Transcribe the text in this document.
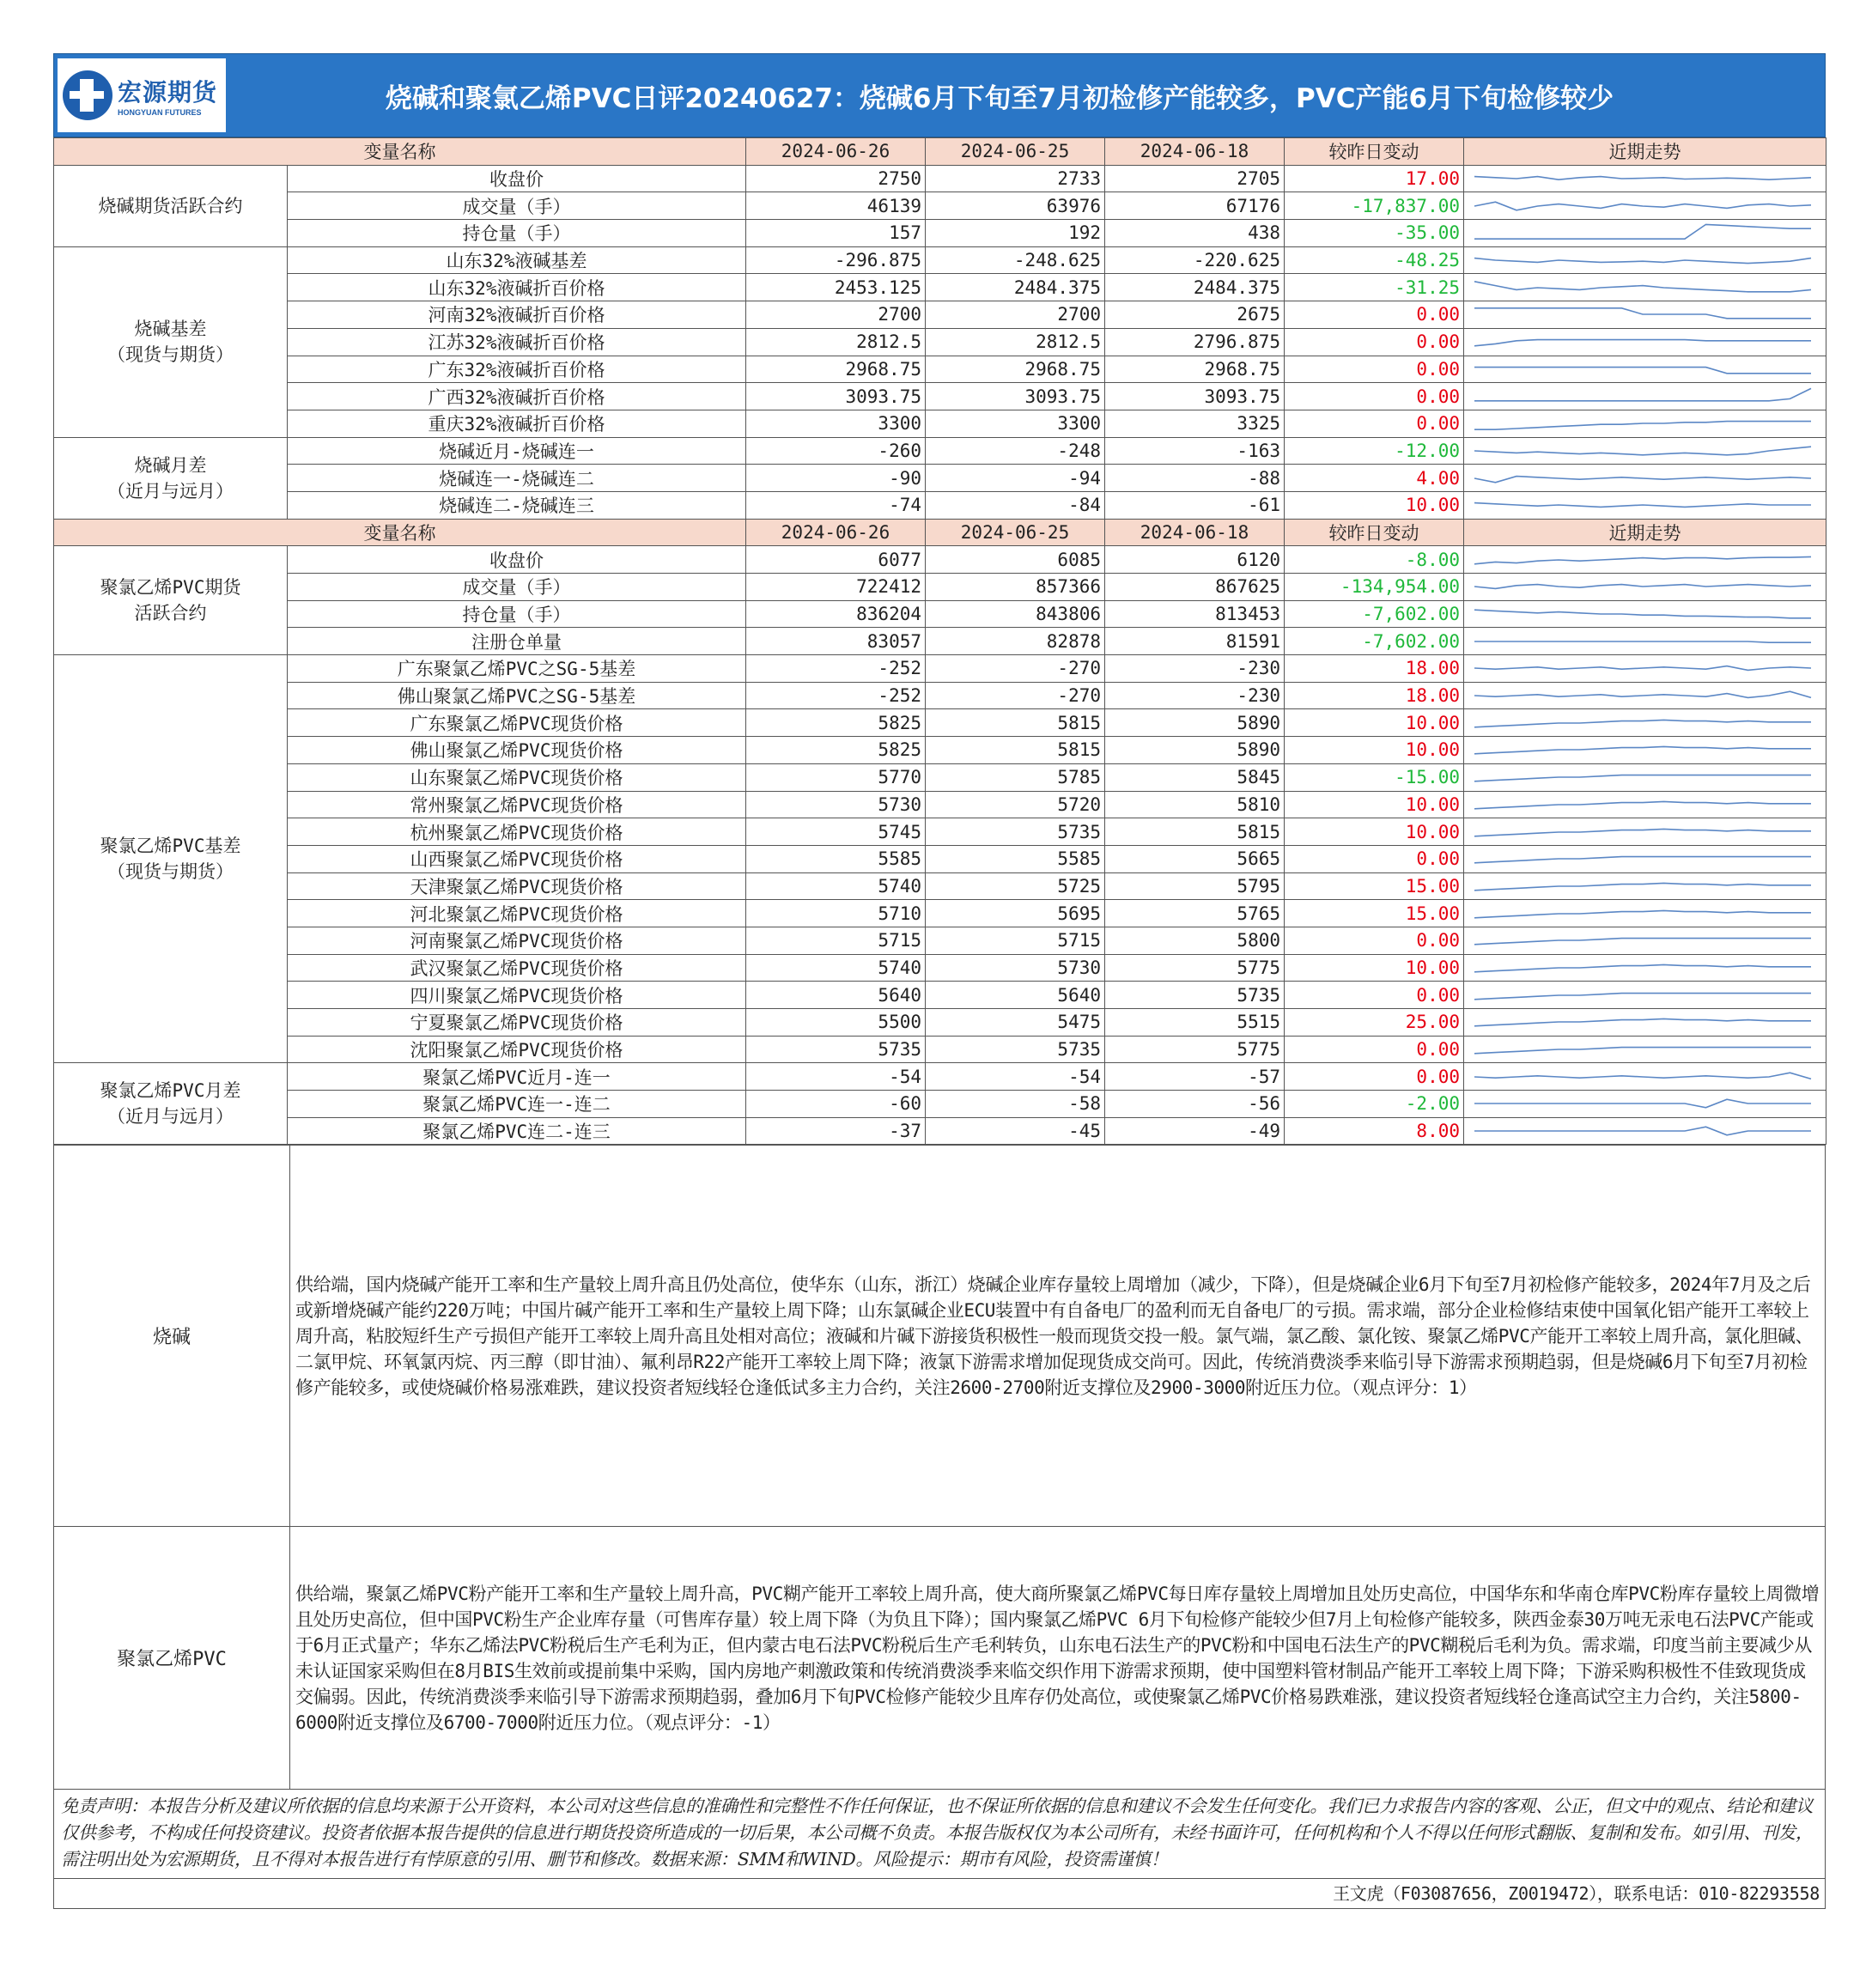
宏源期货
HONGYUAN FUTURES	烧碱和聚氯乙烯PVC日评20240627：烧碱6月下旬至7月初检修产能较多，PVC产能6月下旬检修较少
变量名称		2024-06-26	2024-06-25	2024-06-18	较昨日变动	近期走势
烧碱期货活跃合约	收盘价	2750	2733	2705	17.00	

	成交量（手）	46139	63976	67176	-17,837.00	

	持仓量（手）	157	192	438	-35.00	

烧碱基差
（现货与期货）	山东32%液碱基差	-296.875	-248.625	-220.625	-48.25	

	山东32%液碱折百价格	2453.125	2484.375	2484.375	-31.25	

	河南32%液碱折百价格	2700	2700	2675	0.00	

	江苏32%液碱折百价格	2812.5	2812.5	2796.875	0.00	

	广东32%液碱折百价格	2968.75	2968.75	2968.75	0.00	

	广西32%液碱折百价格	3093.75	3093.75	3093.75	0.00	

	重庆32%液碱折百价格	3300	3300	3325	0.00	

烧碱月差
（近月与远月）	烧碱近月-烧碱连一	-260	-248	-163	-12.00	

	烧碱连一-烧碱连二	-90	-94	-88	4.00	

	烧碱连二-烧碱连三	-74	-84	-61	10.00	

变量名称		2024-06-26	2024-06-25	2024-06-18	较昨日变动	近期走势
聚氯乙烯PVC期货
活跃合约	收盘价	6077	6085	6120	-8.00	

	成交量（手）	722412	857366	867625	-134,954.00	

	持仓量（手）	836204	843806	813453	-7,602.00	

	注册仓单量	83057	82878	81591	-7,602.00	

聚氯乙烯PVC基差
（现货与期货）	广东聚氯乙烯PVC之SG-5基差	-252	-270	-230	18.00	

	佛山聚氯乙烯PVC之SG-5基差	-252	-270	-230	18.00	

	广东聚氯乙烯PVC现货价格	5825	5815	5890	10.00	

	佛山聚氯乙烯PVC现货价格	5825	5815	5890	10.00	

	山东聚氯乙烯PVC现货价格	5770	5785	5845	-15.00	

	常州聚氯乙烯PVC现货价格	5730	5720	5810	10.00	

	杭州聚氯乙烯PVC现货价格	5745	5735	5815	10.00	

	山西聚氯乙烯PVC现货价格	5585	5585	5665	0.00	

	天津聚氯乙烯PVC现货价格	5740	5725	5795	15.00	

	河北聚氯乙烯PVC现货价格	5710	5695	5765	15.00	

	河南聚氯乙烯PVC现货价格	5715	5715	5800	0.00	

	武汉聚氯乙烯PVC现货价格	5740	5730	5775	10.00	

	四川聚氯乙烯PVC现货价格	5640	5640	5735	0.00	

	宁夏聚氯乙烯PVC现货价格	5500	5475	5515	25.00	

	沈阳聚氯乙烯PVC现货价格	5735	5735	5775	0.00	

聚氯乙烯PVC月差
（近月与远月）	聚氯乙烯PVC近月-连一	-54	-54	-57	0.00	

	聚氯乙烯PVC连一-连二	-60	-58	-56	-2.00	

	聚氯乙烯PVC连二-连三	-37	-45	-49	8.00	
烧碱	供给端，国内烧碱产能开工率和生产量较上周升高且仍处高位，使华东（山东，浙江）烧碱企业库存量较上周增加（减少，下降），但是烧碱企业6月下旬至7月初检修产能较多，2024年7月及之后或新增烧碱产能约220万吨；中国片碱产能开工率和生产量较上周下降；山东氯碱企业ECU装置中有自备电厂的盈利而无自备电厂的亏损。需求端，部分企业检修结束使中国氧化铝产能开工率较上周升高，粘胶短纤生产亏损但产能开工率较上周升高且处相对高位；液碱和片碱下游接货积极性一般而现货交投一般。氯气端，氯乙酸、氯化铵、聚氯乙烯PVC产能开工率较上周升高，氯化胆碱、二氯甲烷、环氧氯丙烷、丙三醇（即甘油）、氟利昂R22产能开工率较上周下降；液氯下游需求增加促现货成交尚可。因此，传统消费淡季来临引导下游需求预期趋弱，但是烧碱6月下旬至7月初检修产能较多，或使烧碱价格易涨难跌，建议投资者短线轻仓逢低试多主力合约，关注2600-2700附近支撑位及2900-3000附近压力位。（观点评分：1）
聚氯乙烯PVC	供给端，聚氯乙烯PVC粉产能开工率和生产量较上周升高，PVC糊产能开工率较上周升高，使大商所聚氯乙烯PVC每日库存量较上周增加且处历史高位，中国华东和华南仓库PVC粉库存量较上周微增且处历史高位，但中国PVC粉生产企业库存量（可售库存量）较上周下降（为负且下降）；国内聚氯乙烯PVC 6月下旬检修产能较少但7月上旬检修产能较多，陕西金泰30万吨无汞电石法PVC产能或于6月正式量产；华东乙烯法PVC粉税后生产毛利为正，但内蒙古电石法PVC粉税后生产毛利转负，山东电石法生产的PVC粉和中国电石法生产的PVC糊税后毛利为负。需求端，印度当前主要减少从未认证国家采购但在8月BIS生效前或提前集中采购，国内房地产刺激政策和传统消费淡季来临交织作用下游需求预期，使中国塑料管材制品产能开工率较上周下降；下游采购积极性不佳致现货成交偏弱。因此，传统消费淡季来临引导下游需求预期趋弱，叠加6月下旬PVC检修产能较少且库存仍处高位，或使聚氯乙烯PVC价格易跌难涨，建议投资者短线轻仓逢高试空主力合约，关注5800-6000附近支撑位及6700-7000附近压力位。（观点评分：-1）
免责声明：本报告分析及建议所依据的信息均来源于公开资料，本公司对这些信息的准确性和完整性不作任何保证，也不保证所依据的信息和建议不会发生任何变化。我们已力求报告内容的客观、公正，但文中的观点、结论和建议仅供参考，不构成任何投资建议。投资者依据本报告提供的信息进行期货投资所造成的一切后果，本公司概不负责。本报告版权仅为本公司所有，未经书面许可，任何机构和个人不得以任何形式翻版、复制和发布。如引用、刊发，需注明出处为宏源期货，且不得对本报告进行有悖原意的引用、删节和修改。数据来源：SMM和WIND。风险提示：期市有风险，投资需谨慎！
王文虎（F03087656，Z0019472），联系电话：010-82293558
